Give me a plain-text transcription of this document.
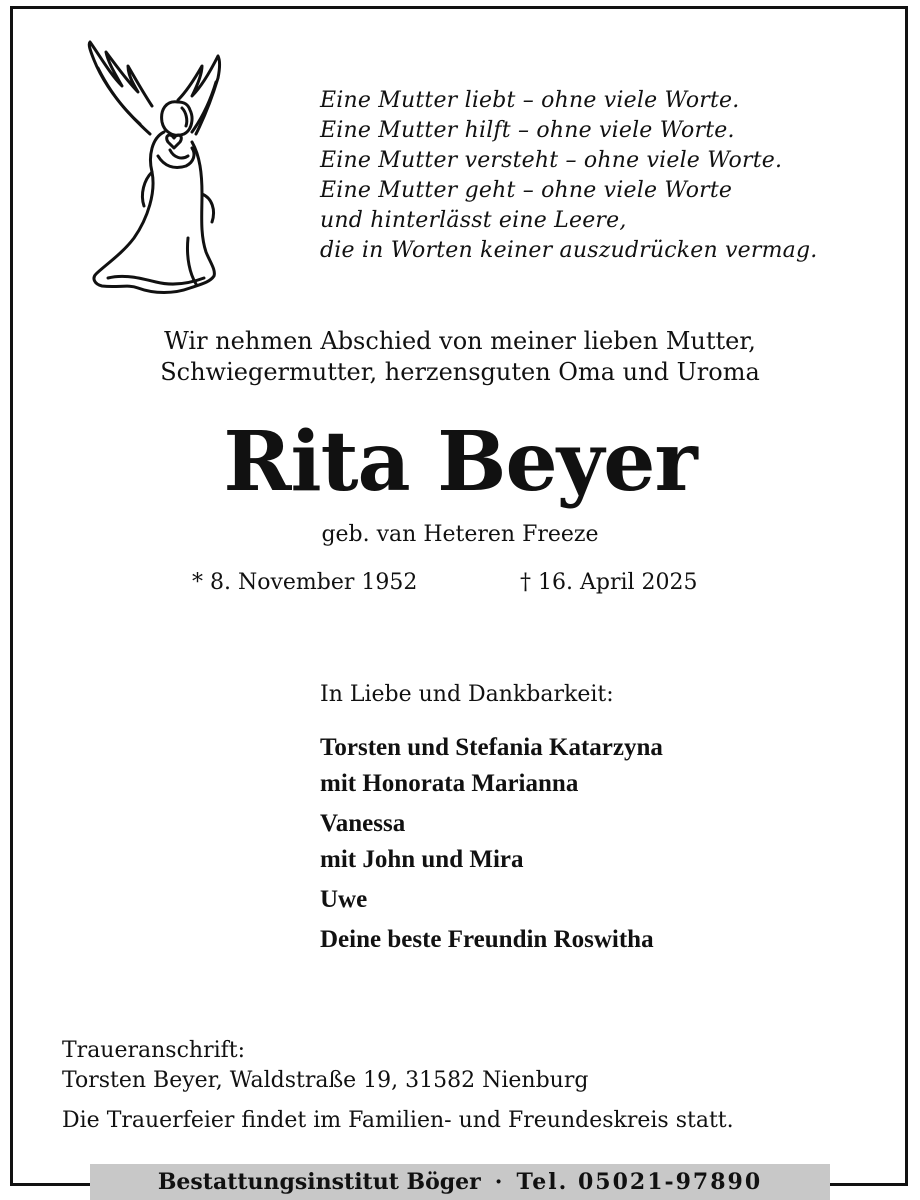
Eine Mutter liebt – ohne viele Worte.
Eine Mutter hilft – ohne viele Worte.
Eine Mutter versteht – ohne viele Worte.
Eine Mutter geht – ohne viele Worte
und hinterlässt eine Leere,
die in Worten keiner auszudrücken vermag.
Wir nehmen Abschied von meiner lieben Mutter,
Schwiegermutter, herzensguten Oma und Uroma
Rita Beyer
geb. van Heteren Freeze
* 8. November 1952	† 16. April 2025
In Liebe und Dankbarkeit:
Torsten und Stefania Katarzyna
mit Honorata Marianna
Vanessa
mit John und Mira
Uwe
Deine beste Freundin Roswitha
Traueranschrift:
Torsten Beyer, Waldstraße 19, 31582 Nienburg
Die Trauerfeier findet im Familien- und Freundeskreis statt.
Bestattungsinstitut Böger · Tel. 05021-97890
